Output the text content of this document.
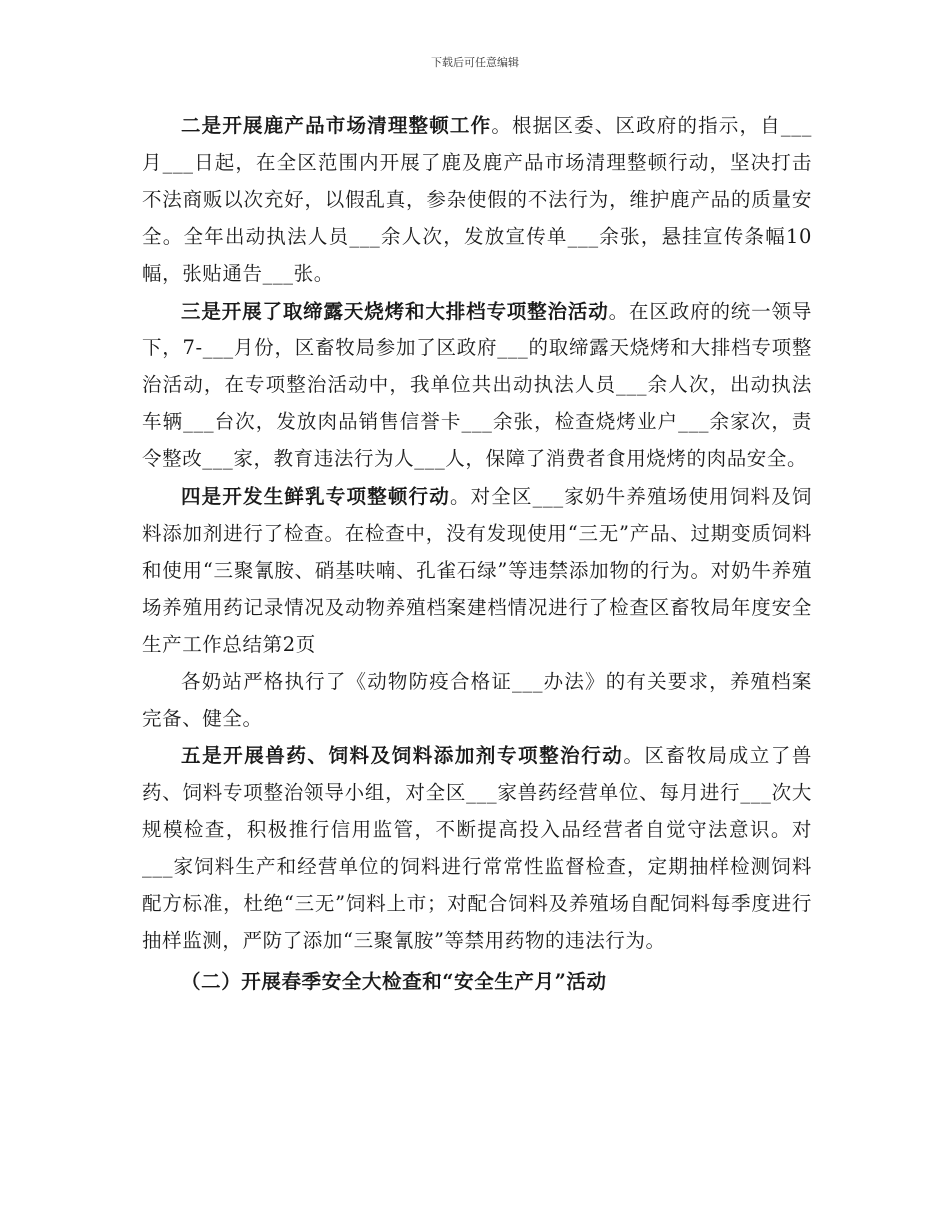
下载后可任意编辑

二是开展鹿产品市场清理整顿工作。根据区委、区政府的指示，自___月___日起，在全区范围内开展了鹿及鹿产品市场清理整顿行动，坚决打击不法商贩以次充好，以假乱真，参杂使假的不法行为，维护鹿产品的质量安全。全年出动执法人员___余人次，发放宣传单___余张，悬挂宣传条幅10幅，张贴通告___张。

三是开展了取缔露天烧烤和大排档专项整治活动。在区政府的统一领导下，7-___月份，区畜牧局参加了区政府___的取缔露天烧烤和大排档专项整治活动，在专项整治活动中，我单位共出动执法人员___余人次，出动执法车辆___台次，发放肉品销售信誉卡___余张，检查烧烤业户___余家次，责令整改___家，教育违法行为人___人，保障了消费者食用烧烤的肉品安全。

四是开发生鲜乳专项整顿行动。对全区___家奶牛养殖场使用饲料及饲料添加剂进行了检查。在检查中，没有发现使用“三无”产品、过期变质饲料和使用“三聚氰胺、硝基呋喃、孔雀石绿”等违禁添加物的行为。对奶牛养殖场养殖用药记录情况及动物养殖档案建档情况进行了检查区畜牧局年度安全生产工作总结第2页

各奶站严格执行了《动物防疫合格证___办法》的有关要求，养殖档案完备、健全。

五是开展兽药、饲料及饲料添加剂专项整治行动。区畜牧局成立了兽药、饲料专项整治领导小组，对全区___家兽药经营单位、每月进行___次大规模检查，积极推行信用监管，不断提高投入品经营者自觉守法意识。对___家饲料生产和经营单位的饲料进行常常性监督检查，定期抽样检测饲料配方标准，杜绝“三无”饲料上市；对配合饲料及养殖场自配饲料每季度进行抽样监测，严防了添加“三聚氰胺”等禁用药物的违法行为。

（二）开展春季安全大检查和“安全生产月”活动
